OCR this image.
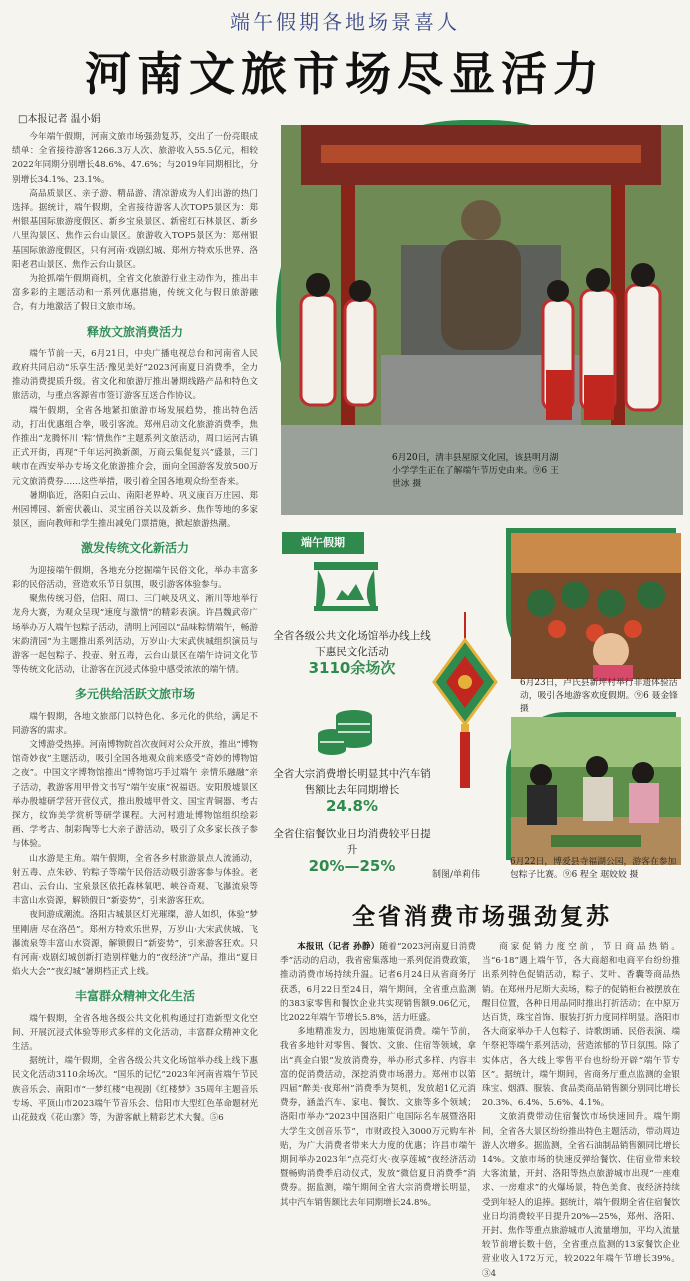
端午假期各地场景喜人
河南文旅市场尽显活力
□本报记者 温小娟

今年端午假期，河南文旅市场强劲复苏，交出了一份亮眼成绩单：全省接待游客1266.3万人次、旅游收入55.5亿元，相较2022年同期分别增长48.6%、47.6%；与2019年同期相比，分别增长34.1%、23.1%。

高品质景区、亲子游、精品游、清凉游成为人们出游的热门选择。据统计，端午假期，全省接待游客人次TOP5景区为：郑州银基国际旅游度假区、新乡宝泉景区、新密红石林景区、新乡八里沟景区、焦作云台山景区。旅游收入TOP5景区为：郑州银基国际旅游度假区，只有河南·戏剧幻城、郑州方特欢乐世界、洛阳老君山景区、焦作云台山景区。

为抢抓端午假期商机，全省文化旅游行业主动作为，推出丰富多彩的主题活动和一系列优惠措施，传统文化与假日旅游融合，有力地激活了假日文旅市场。

释放文旅消费活力

端午节前一天，6月21日，中央广播电视总台和河南省人民政府共同启动“乐享生活·豫见美好”2023河南夏日消费季，全力推动消费提质升级。省文化和旅游厅推出暑期线路产品和特色文旅活动，与重点客源省市签订游客互送合作协议。

端午假期，全省各地紧扣旅游市场发展趋势，推出特色活动，打出优惠组合拳，吸引客流。郑州启动文化旅游消费季，焦作推出“龙腾怀川 ‘粽’情焦作”主题系列文旅活动，周口运河古镇正式开街，再现“千年运河换新颜，万商云集促复兴”盛景，三门峡市在西安举办专场文化旅游推介会，面向全国游客发放500万元文旅消费券……这些举措，吸引着全国各地观众纷至沓来。

暑期临近，洛阳白云山、南阳老界岭、巩义康百万庄园、郑州园博园、新密伏羲山、灵宝函谷关以及新乡、焦作等地的多家景区，面向教师和学生推出减免门票措施，掀起旅游热潮。

激发传统文化新活力

为迎接端午假期，各地充分挖掘端午民俗文化，举办丰富多彩的民俗活动，营造欢乐节日氛围，吸引游客体验参与。

聚焦传统习俗，信阳、周口、三门峡及巩义、淅川等地举行龙舟大赛，为观众呈现“速度与激情”的精彩表演。许昌魏武帝广场举办万人端午包粽子活动，清明上河园以“品味粽情端午，畅游宋韵清园”为主题推出系列活动，万岁山·大宋武侠城组织演员与游客一起包粽子、投壶、射五毒，云台山景区在端午诗词文化节等传统文化活动，让游客在沉浸式体验中感受浓浓的端午情。

多元供给活跃文旅市场

端午假期，各地文旅部门以特色化、多元化的供给，满足不同游客的需求。

文博游受热捧。河南博物院首次夜间对公众开放，推出“博物馆奇妙夜”主题活动，吸引全国各地观众前来感受“奇妙的博物馆之夜”。中国文字博物馆推出“博物馆巧手过端午 亲情乐融融”亲子活动，教游客用甲骨文书写“端午安康”祝福语。安阳殷墟景区举办殷墟研学营开营仪式，推出殷墟甲骨文、国宝青铜器、考古探方，纹饰美学赏析等研学课程。大河村遗址博物馆组织绘彩画、学考古、制彩陶等七大亲子游活动，吸引了众多家长孩子参与体验。

山水游是主角。端午假期，全省各乡村旅游景点人流涌动，射五毒、点朱砂、钓粽子等端午民俗活动吸引游客参与体验。老君山、云台山、宝泉景区依托森林氧吧、峡谷奇观、飞瀑流泉等丰富山水资源，解锁假日“新姿势”，引来游客狂欢。

夜间游成潮流。洛阳古城景区灯光璀璨，游人如织，体验“梦里剛唐 尽在洛邑”。郑州方特欢乐世界，万岁山·大宋武侠城、飞瀑流泉等丰富山水资源，解锁假日“新姿势”，引来游客狂欢。只有河南·戏剧幻城创新打造别样魅力的“夜经济”产品，推出“夏日焰火大会”“夜幻城”暑期档正式上线。

丰富群众精神文化生活

端午假期，全省各地各级公共文化机构通过打造新型文化空间、开展沉浸式体验等形式多样的文化活动，丰富群众精神文化生活。

据统计，端午假期，全省各级公共文化场馆举办线上线下惠民文化活动3110余场次。“国乐的记忆”2023年河南省端午节民族音乐会、南阳市“一梦红楼”电视剧《红楼梦》35周年主题音乐专场、平顶山市2023端午节音乐会、信阳市大型红色革命题材光山花鼓戏《花山寨》等，为游客献上精彩艺术大餐。⑤6

6月20日，清丰县屋原文化园，该县明月湖小学学生正在了解端午节历史由来。⑨6 王世冰 摄
端午假期
全省各级公共文化场馆举办线上线下惠民文化活动
3110余场次
全省大宗消费增长明显其中汽车销售额比去年同期增长
24.8%
全省住宿餐饮业日均消费较平日提升
20%—25%	制图/单莉伟
6月23日，卢氏县新坪村举行非遗体验活动，吸引各地游客欢度假期。⑨6 聂金锋 摄
6月22日，博爱县寺福湖公园，游客在参加包粽子比赛。⑨6 程全 琚姣姣 摄
全省消费市场强劲复苏

本报讯（记者 孙静）随着“2023河南夏日消费季”活动的启动，我省密集落地一系列促消费政策，推动消费市场持续升温。记者6月24日从省商务厅获悉，6月22日至24日，端午期间，全省重点监测的383家零售和餐饮企业共实现销售额9.06亿元，比2022年端午节增长5.8%，活力旺盛。

多地精准发力，因地施策促消费。端午节前，我省多地针对零售、餐饮、文旅、住宿等领域，拿出“真金白银”发放消费券，举办形式多样、内容丰富的促消费活动，深挖消费市场潜力。郑州市以第四届“醉美·夜郑州”消费季为契机，发放超1亿元消费券，涵盖汽车、家电、餐饮、文旅等多个领域；洛阳市举办“2023中国洛阳广电国际名车展暨洛阳大学生文创音乐节”，市财政投入3000万元购车补贴，为广大消费者带来大力度的优惠；许昌市端午期间举办2023年“点亮灯火·夜享莲城”夜经济活动暨畅购消费季启动仪式，发放“微信夏日消费季”消费券。据监测，端午期间全省大宗消费增长明显，其中汽车销售额比去年同期增长24.8%。

商家促销力度空前，节日商品热销。当“6·18”遇上端午节，各大商超和电商平台纷纷推出系列特色促销活动，粽子、艾叶、香囊等商品热销。在郑州丹尼斯大卖场，粽子的促销柜台被摆放在醒目位置，各种日用品同时推出打折活动；在中原万达百货，珠宝首饰、服装打折力度同样明显。洛阳市各大商家举办千人包粽子、诗歌朗诵、民俗表演、端午祭祀等端午系列活动，营造浓郁的节日氛围。除了实体店，各大线上零售平台也纷纷开辟“端午节专区”。据统计，端午期间，省商务厅重点监测的金银珠宝、烟酒、服装、食品类商品销售额分别同比增长20.3%、6.4%、5.6%、4.1%。

文旅消费带动住宿餐饮市场快速回升。端午期间，全省各大景区纷纷推出特色主题活动，带动周边游人次增多。据监测，全省石油制品销售额同比增长14%。文旅市场的快速反弹给餐饮、住宿业带来较大客流量，开封、洛阳等热点旅游城市出现“一座难求、一房难求”的火爆场景，特色美食、夜经济持续受到年轻人的追捧。据统计，端午假期全省住宿餐饮业日均消费较平日提升20%—25%，郑州、洛阳、开封、焦作等重点旅游城市人流量增加，平均入流量较节前增长数十倍，全省重点监测的13家餐饮企业营业收入172万元，较2022年端午节增长39%。③4
